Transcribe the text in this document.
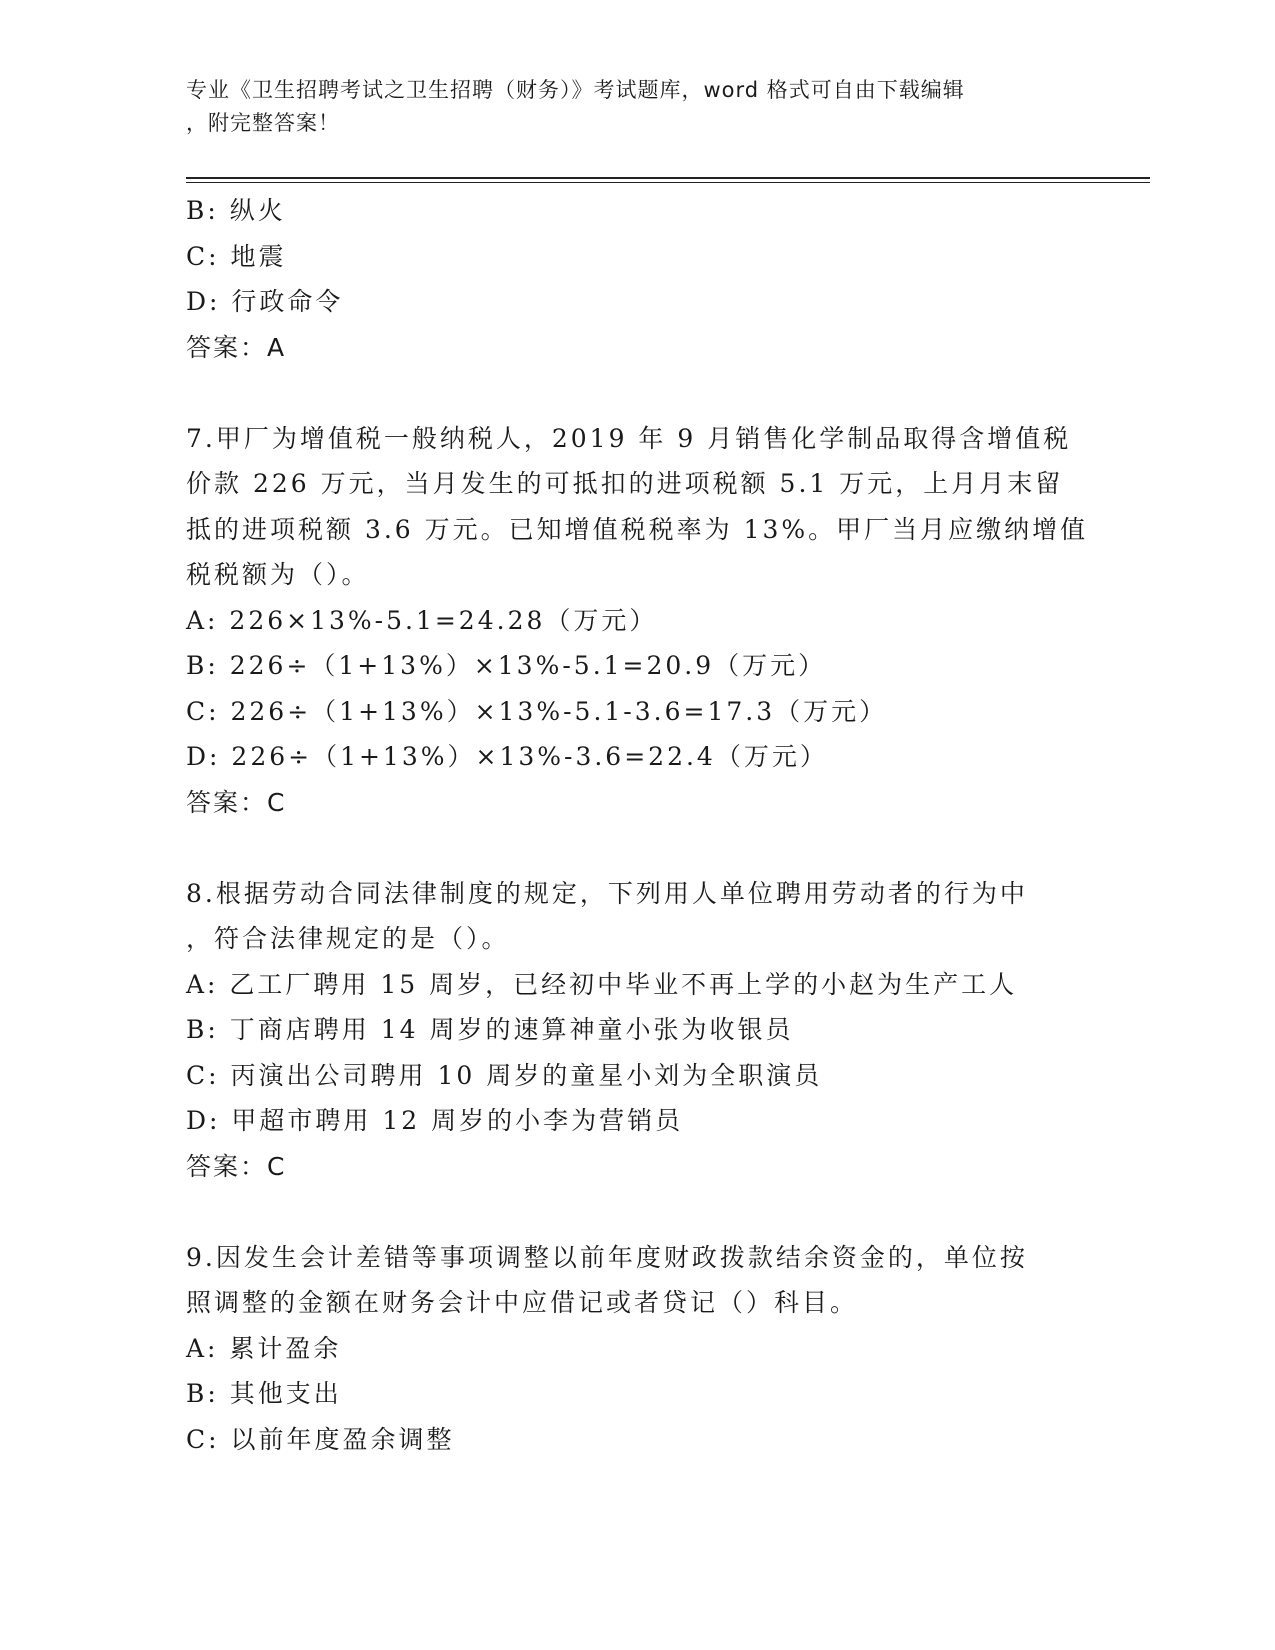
专业《卫生招聘考试之卫生招聘（财务）》考试题库，word 格式可自由下载编辑
，附完整答案！
B: 纵火
C: 地震
D: 行政命令
答案：A
7.甲厂为增值税一般纳税人，2019 年 9 月销售化学制品取得含增值税
价款 226 万元，当月发生的可抵扣的进项税额 5.1 万元，上月月末留
抵的进项税额 3.6 万元。已知增值税税率为 13%。甲厂当月应缴纳增值
税税额为（）。
A: 226×13%-5.1=24.28（万元）
B: 226÷（1+13%）×13%-5.1=20.9（万元）
C: 226÷（1+13%）×13%-5.1-3.6=17.3（万元）
D: 226÷（1+13%）×13%-3.6=22.4（万元）
答案：C
8.根据劳动合同法律制度的规定，下列用人单位聘用劳动者的行为中
，符合法律规定的是（）。
A: 乙工厂聘用 15 周岁，已经初中毕业不再上学的小赵为生产工人
B: 丁商店聘用 14 周岁的速算神童小张为收银员
C: 丙演出公司聘用 10 周岁的童星小刘为全职演员
D: 甲超市聘用 12 周岁的小李为营销员
答案：C
9.因发生会计差错等事项调整以前年度财政拨款结余资金的，单位按
照调整的金额在财务会计中应借记或者贷记（）科目。
A: 累计盈余
B: 其他支出
C: 以前年度盈余调整
